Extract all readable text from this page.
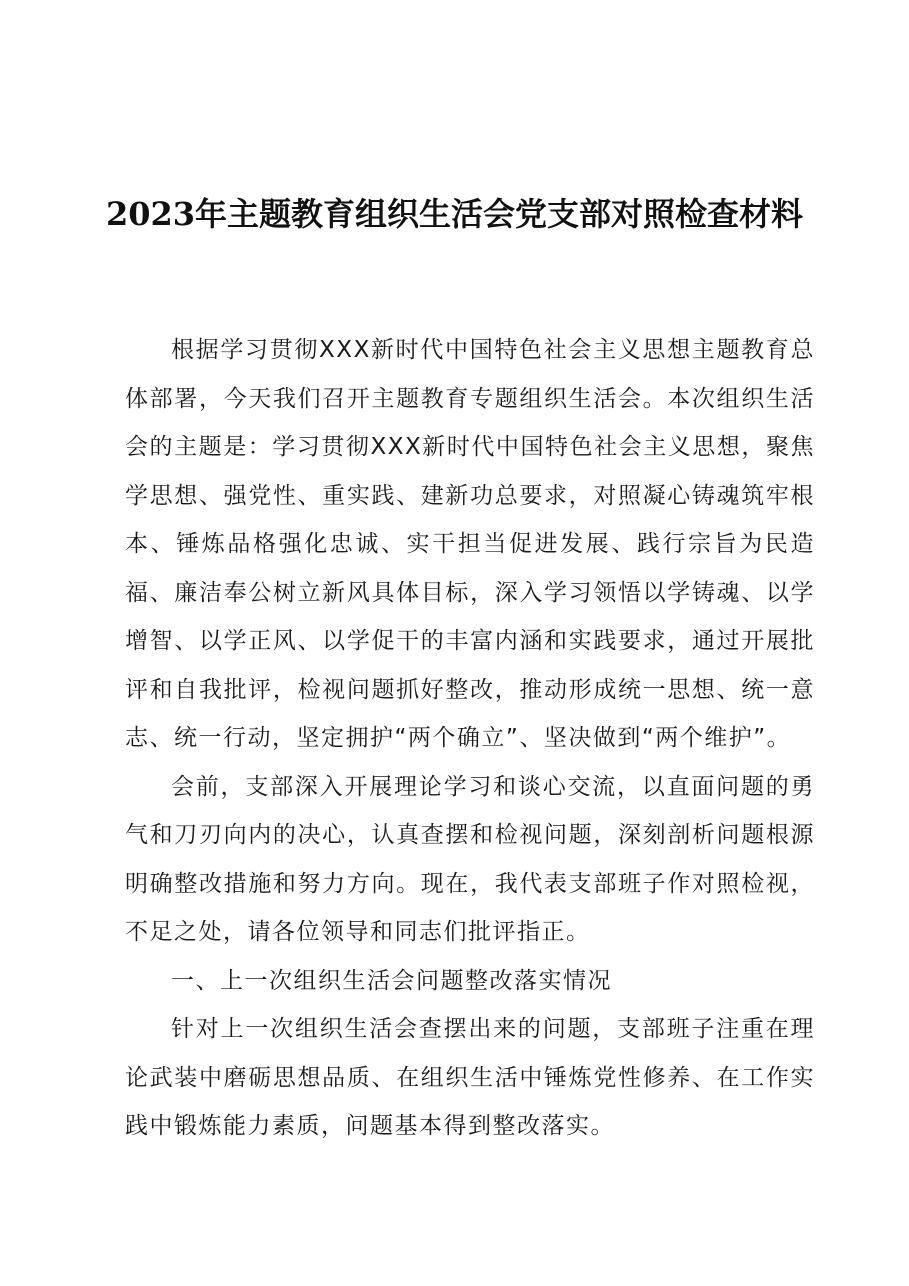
2023年主题教育组织生活会党支部对照检查材料

根据学习贯彻XXX新时代中国特色社会主义思想主题教育总体部署，今天我们召开主题教育专题组织生活会。本次组织生活会的主题是：学习贯彻XXX新时代中国特色社会主义思想，聚焦学思想、强党性、重实践、建新功总要求，对照凝心铸魂筑牢根本、锤炼品格强化忠诚、实干担当促进发展、践行宗旨为民造福、廉洁奉公树立新风具体目标，深入学习领悟以学铸魂、以学增智、以学正风、以学促干的丰富内涵和实践要求，通过开展批评和自我批评，检视问题抓好整改，推动形成统一思想、统一意志、统一行动，坚定拥护“两个确立”、坚决做到“两个维护”。

会前，支部深入开展理论学习和谈心交流，以直面问题的勇气和刀刃向内的决心，认真查摆和检视问题，深刻剖析问题根源明确整改措施和努力方向。现在，我代表支部班子作对照检视，不足之处，请各位领导和同志们批评指正。

一、上一次组织生活会问题整改落实情况

针对上一次组织生活会查摆出来的问题，支部班子注重在理论武装中磨砺思想品质、在组织生活中锤炼党性修养、在工作实践中锻炼能力素质，问题基本得到整改落实。
